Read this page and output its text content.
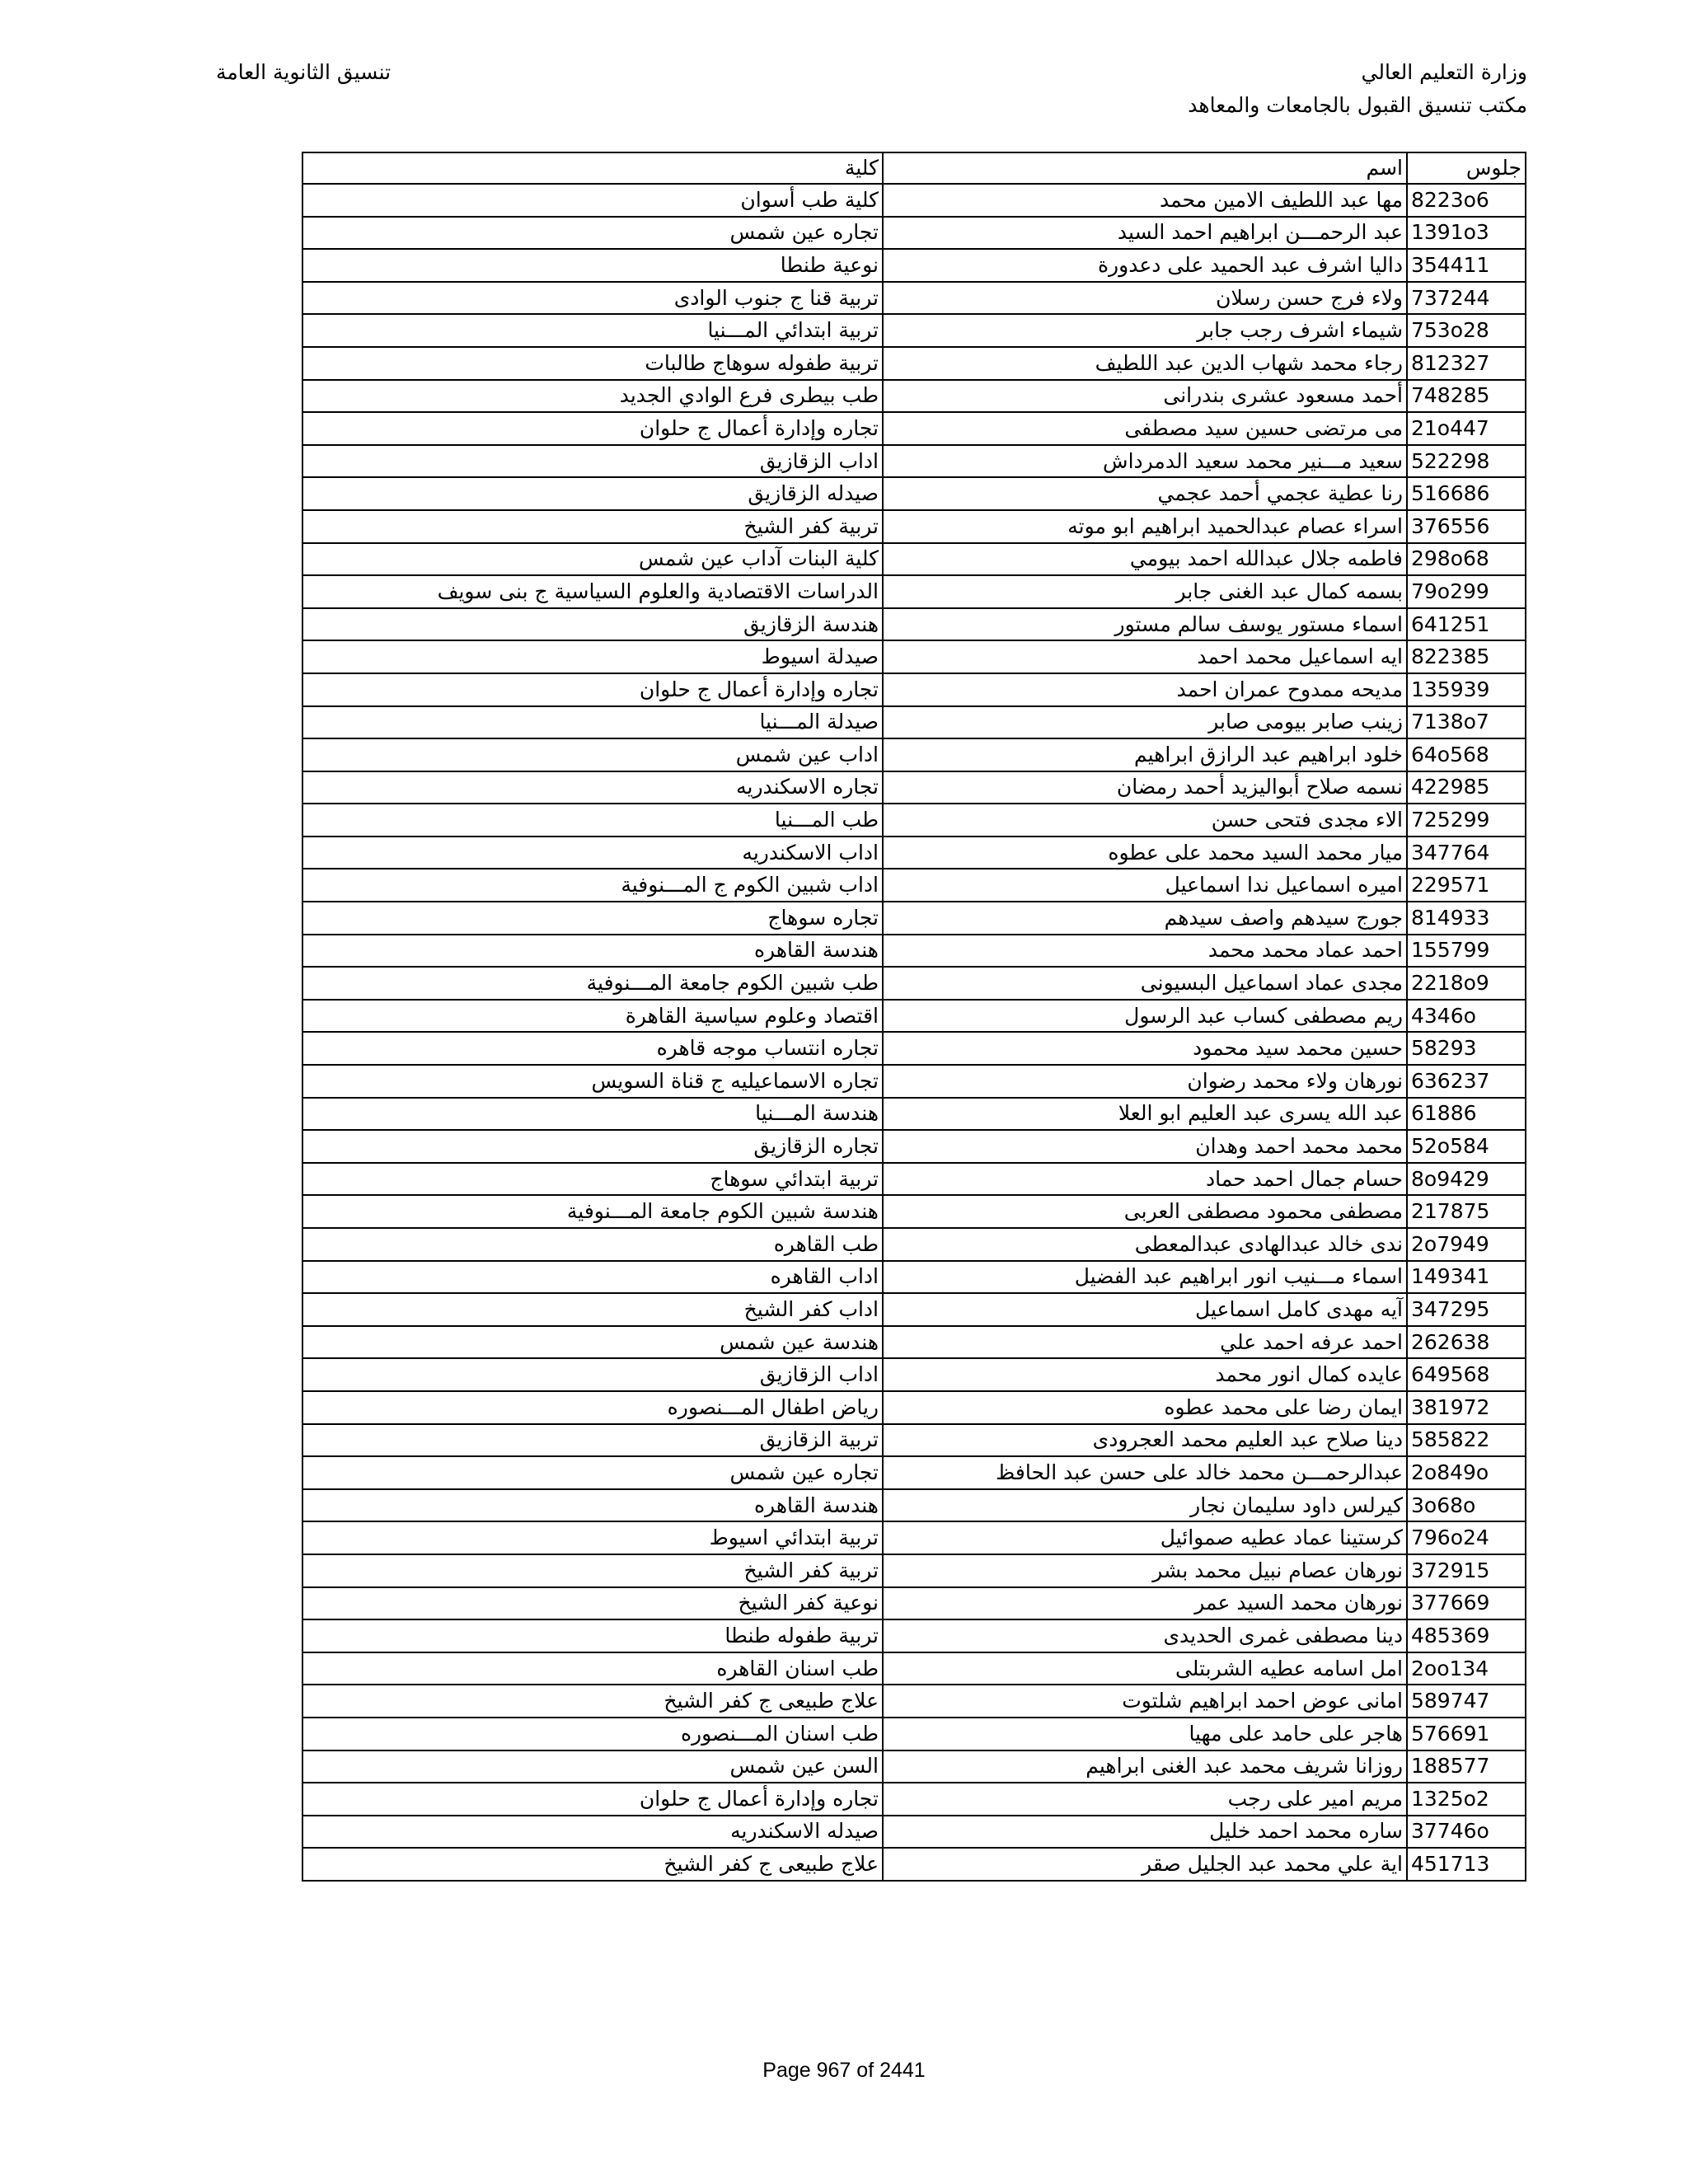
وزارة التعليم العالي
مكتب تنسيق القبول بالجامعات والمعاهد
تنسيق الثانوية العامة
جلوس	اسم	كلية
8223o6	مها عبد اللطيف الامين محمد	كلية طب أسوان
1391o3	عبد الرحمـــن ابراهيم احمد السيد	تجاره عين شمس
354411	داليا اشرف عبد الحميد على دعدورة	نوعية طنطا
737244	ولاء فرج حسن رسلان	تربية قنا ج جنوب الوادى
753o28	شيماء اشرف رجب جابر	تربية ابتدائي المـــنيا
812327	رجاء محمد شهاب الدين عبد اللطيف	تربية طفوله سوهاج طالبات
748285	أحمد مسعود عشرى بندرانى	طب بيطرى فرع الوادي الجديد
21o447	مى مرتضى حسين سيد مصطفى	تجاره وإدارة أعمال ج حلوان
522298	سعيد مـــنير محمد سعيد الدمرداش	اداب الزقازيق
516686	رنا عطية عجمي أحمد عجمي	صيدله الزقازيق
376556	اسراء عصام عبدالحميد ابراهيم ابو موته	تربية كفر الشيخ
298o68	فاطمه جلال عبدالله احمد بيومي	كلية البنات آداب عين شمس
79o299	بسمه كمال عبد الغنى جابر	الدراسات الاقتصادية والعلوم السياسية ج بنى سويف
641251	اسماء مستور يوسف سالم مستور	هندسة الزقازيق
822385	ايه اسماعيل محمد احمد	صيدلة اسيوط
135939	مديحه ممدوح عمران احمد	تجاره وإدارة أعمال ج حلوان
7138o7	زينب صابر بيومى صابر	صيدلة المـــنيا
64o568	خلود ابراهيم عبد الرازق ابراهيم	اداب عين شمس
422985	نسمه صلاح أبواليزيد أحمد رمضان	تجاره الاسكندريه
725299	الاء مجدى فتحى حسن	طب المـــنيا
347764	ميار محمد السيد محمد على عطوه	اداب الاسكندريه
229571	اميره اسماعيل ندا اسماعيل	اداب شبين الكوم ج المـــنوفية
814933	جورج سيدهم واصف سيدهم	تجاره سوهاج
155799	احمد عماد محمد محمد	هندسة القاهره
2218o9	مجدى عماد اسماعيل البسيونى	طب شبين الكوم جامعة المـــنوفية
4346o	ريم مصطفى كساب عبد الرسول	اقتصاد وعلوم سياسية القاهرة
58293	حسين محمد سيد محمود	تجاره انتساب موجه قاهره
636237	نورهان ولاء محمد رضوان	تجاره الاسماعيليه ج قناة السويس
61886	عبد الله يسرى عبد العليم ابو العلا	هندسة المـــنيا
52o584	محمد محمد احمد وهدان	تجاره الزقازيق
8o9429	حسام جمال احمد حماد	تربية ابتدائي سوهاج
217875	مصطفى محمود مصطفى العربى	هندسة شبين الكوم جامعة المـــنوفية
2o7949	ندى خالد عبدالهادى عبدالمعطى	طب القاهره
149341	اسماء مـــنيب انور ابراهيم عبد الفضيل	اداب القاهره
347295	آيه مهدى كامل اسماعيل	اداب كفر الشيخ
262638	احمد عرفه احمد علي	هندسة عين شمس
649568	عايده كمال انور محمد	اداب الزقازيق
381972	ايمان رضا على محمد عطوه	رياض اطفال المـــنصوره
585822	دينا صلاح عبد العليم محمد العجرودى	تربية الزقازيق
2o849o	عبدالرحمـــن محمد خالد على حسن عبد الحافظ	تجاره عين شمس
3o68o	كيرلس داود سليمان نجار	هندسة القاهره
796o24	كرستينا عماد عطيه صموائيل	تربية ابتدائي اسيوط
372915	نورهان عصام نبيل محمد بشر	تربية كفر الشيخ
377669	نورهان محمد السيد عمر	نوعية كفر الشيخ
485369	دينا مصطفى غمرى الحديدى	تربية طفوله طنطا
2oo134	امل اسامه عطيه الشربتلى	طب اسنان القاهره
589747	امانى عوض احمد ابراهيم شلتوت	علاج طبيعى ج كفر الشيخ
576691	هاجر على حامد على مهيا	طب اسنان المـــنصوره
188577	روزانا شريف محمد عبد الغنى ابراهيم	السن عين شمس
1325o2	مريم امير على رجب	تجاره وإدارة أعمال ج حلوان
37746o	ساره محمد احمد خليل	صيدله الاسكندريه
451713	اية علي محمد عبد الجليل صقر	علاج طبيعى ج كفر الشيخ
Page 967 of 2441
